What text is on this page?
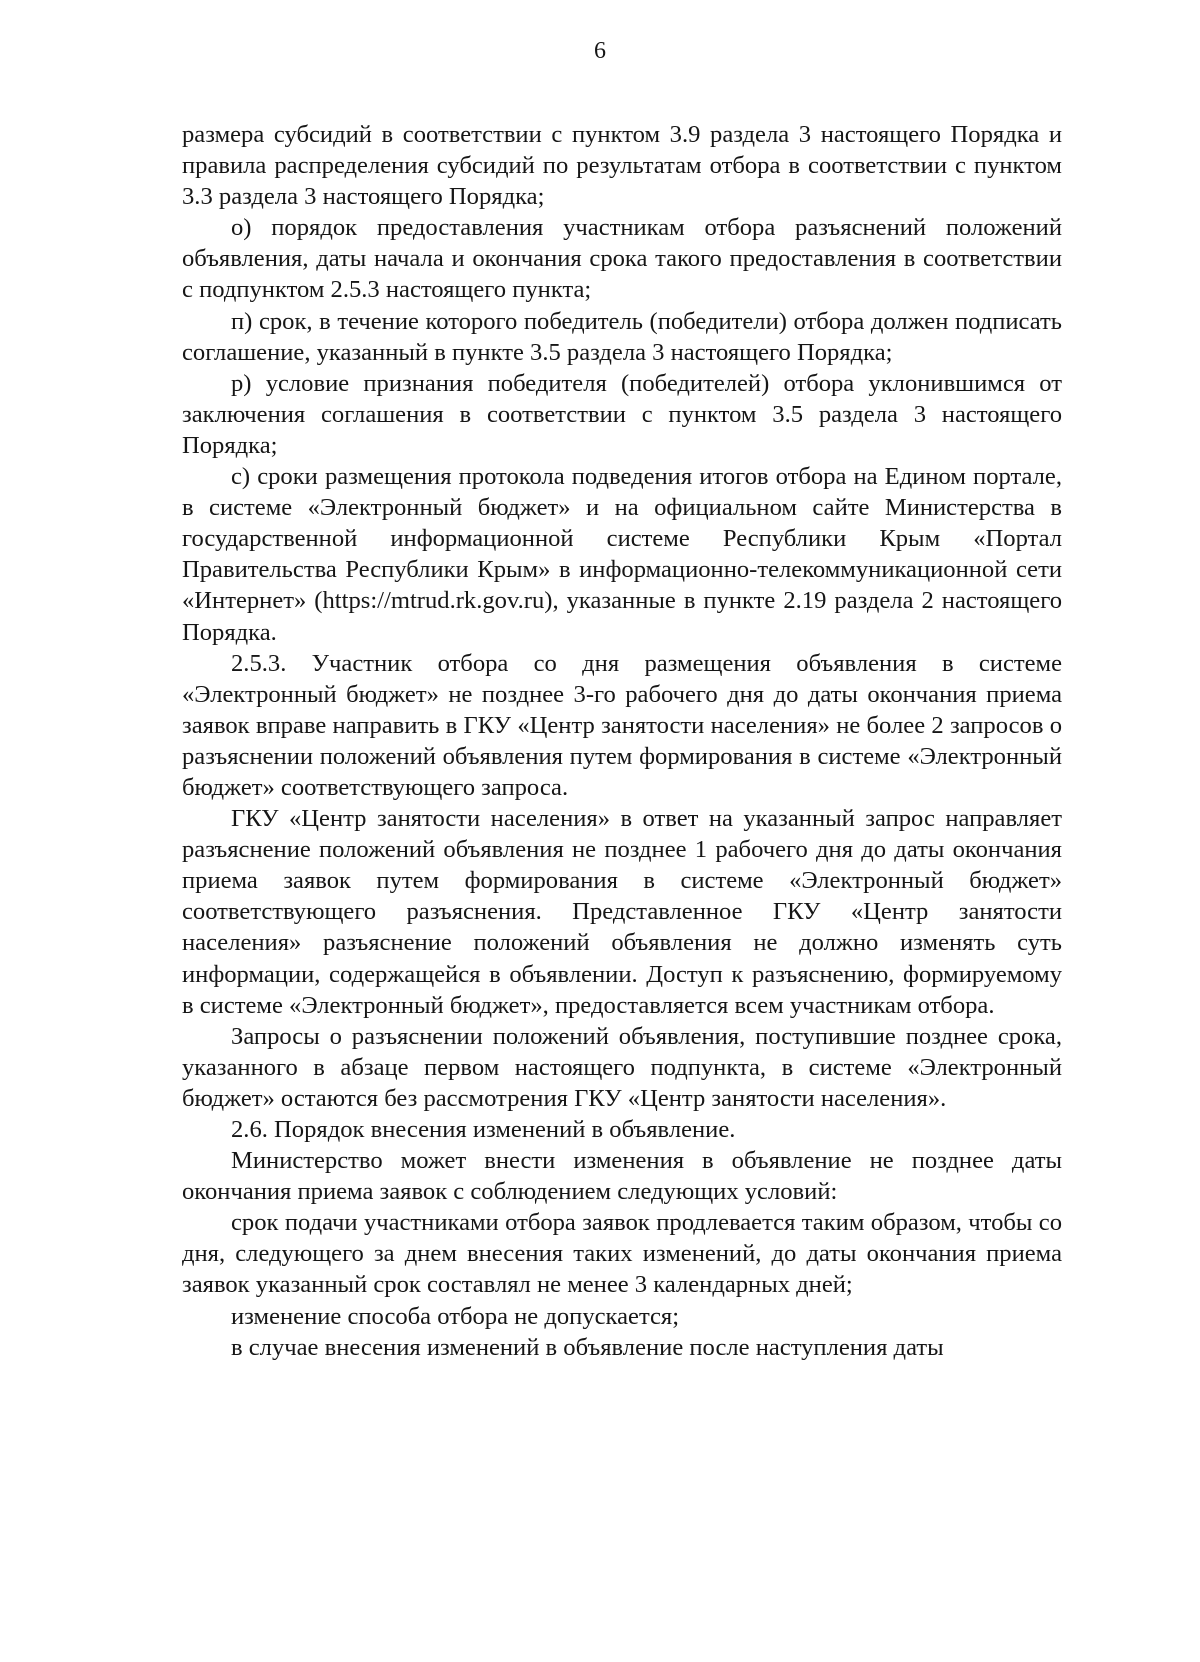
6

размера субсидий в соответствии с пунктом 3.9 раздела 3 настоящего Порядка и правила распределения субсидий по результатам отбора в соответствии с пунктом 3.3 раздела 3 настоящего Порядка;

о) порядок предоставления участникам отбора разъяснений положений объявления, даты начала и окончания срока такого предоставления в соответствии с подпунктом 2.5.3 настоящего пункта;

п) срок, в течение которого победитель (победители) отбора должен подписать соглашение, указанный в пункте 3.5 раздела 3 настоящего Порядка;

р) условие признания победителя (победителей) отбора уклонившимся от заключения соглашения в соответствии с пунктом 3.5 раздела 3 настоящего Порядка;

с) сроки размещения протокола подведения итогов отбора на Едином портале, в системе «Электронный бюджет» и на официальном сайте Министерства в государственной информационной системе Республики Крым «Портал Правительства Республики Крым» в информационно-телекоммуникационной сети «Интернет» (https://mtrud.rk.gov.ru), указанные в пункте 2.19 раздела 2 настоящего Порядка.

2.5.3. Участник отбора со дня размещения объявления в системе «Электронный бюджет» не позднее 3-го рабочего дня до даты окончания приема заявок вправе направить в ГКУ «Центр занятости населения» не более 2 запросов о разъяснении положений объявления путем формирования в системе «Электронный бюджет» соответствующего запроса.

ГКУ «Центр занятости населения» в ответ на указанный запрос направляет разъяснение положений объявления не позднее 1 рабочего дня до даты окончания приема заявок путем формирования в системе «Электронный бюджет» соответствующего разъяснения. Представленное ГКУ «Центр занятости населения» разъяснение положений объявления не должно изменять суть информации, содержащейся в объявлении. Доступ к разъяснению, формируемому в системе «Электронный бюджет», предоставляется всем участникам отбора.

Запросы о разъяснении положений объявления, поступившие позднее срока, указанного в абзаце первом настоящего подпункта, в системе «Электронный бюджет» остаются без рассмотрения ГКУ «Центр занятости населения».

2.6. Порядок внесения изменений в объявление.

Министерство может внести изменения в объявление не позднее даты окончания приема заявок с соблюдением следующих условий:

срок подачи участниками отбора заявок продлевается таким образом, чтобы со дня, следующего за днем внесения таких изменений, до даты окончания приема заявок указанный срок составлял не менее 3 календарных дней;

изменение способа отбора не допускается;

в случае внесения изменений в объявление после наступления даты
